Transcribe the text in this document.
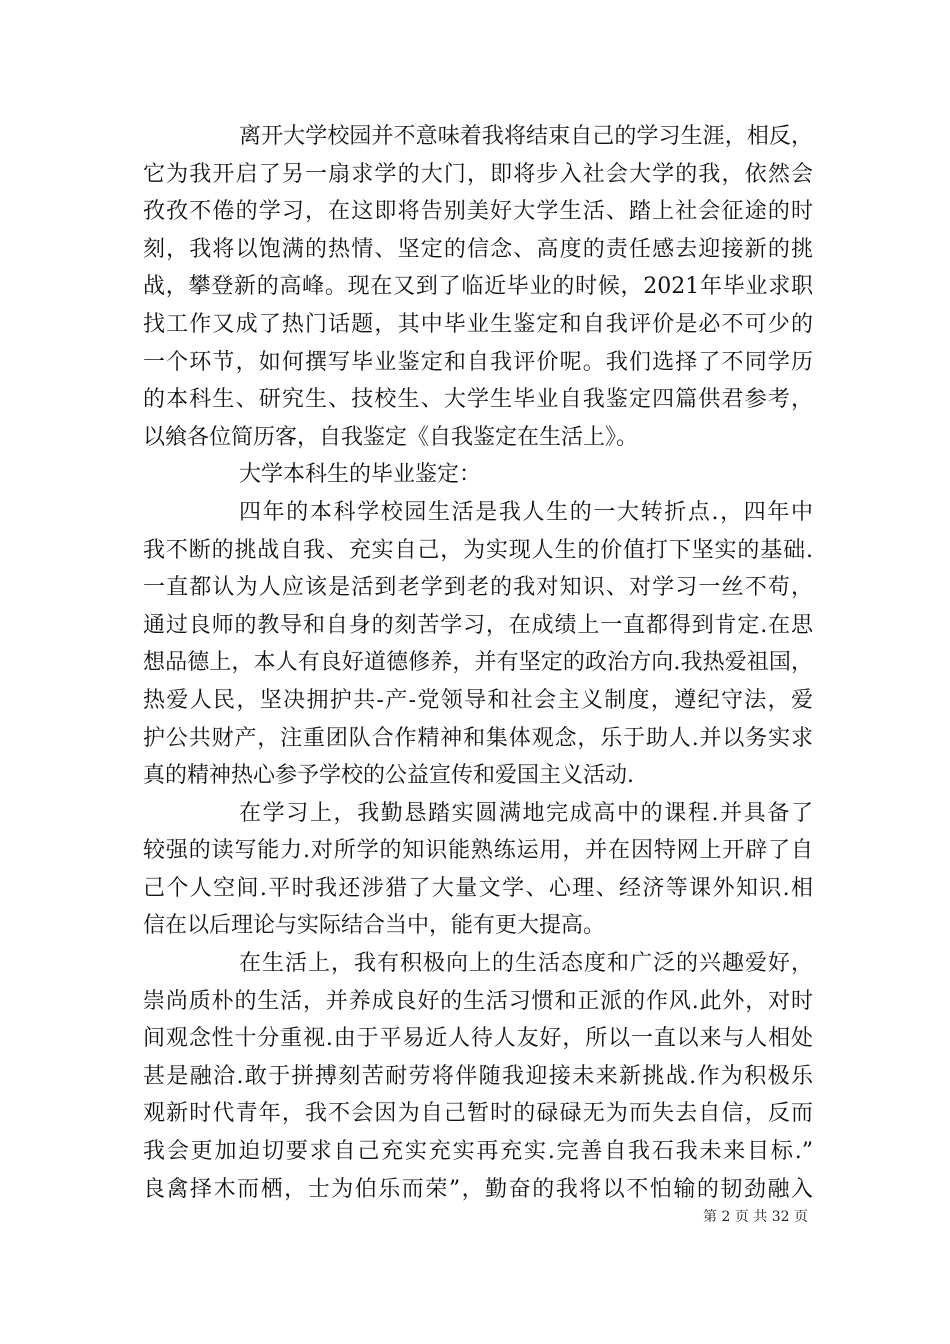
离开大学校园并不意味着我将结束自己的学习生涯，相反，
它为我开启了另一扇求学的大门，即将步入社会大学的我，依然会
孜孜不倦的学习，在这即将告别美好大学生活、踏上社会征途的时
刻，我将以饱满的热情、坚定的信念、高度的责任感去迎接新的挑
战，攀登新的高峰。现在又到了临近毕业的时候，2021年毕业求职
找工作又成了热门话题，其中毕业生鉴定和自我评价是必不可少的
一个环节，如何撰写毕业鉴定和自我评价呢。我们选择了不同学历
的本科生、研究生、技校生、大学生毕业自我鉴定四篇供君参考，
以飨各位简历客，自我鉴定《自我鉴定在生活上》。
大学本科生的毕业鉴定：
四年的本科学校园生活是我人生的一大转折点.，四年中
我不断的挑战自我、充实自己，为实现人生的价值打下坚实的基础.
一直都认为人应该是活到老学到老的我对知识、对学习一丝不苟，
通过良师的教导和自身的刻苦学习，在成绩上一直都得到肯定.在思
想品德上，本人有良好道德修养，并有坚定的政治方向.我热爱祖国，
热爱人民，坚决拥护共-产-党领导和社会主义制度，遵纪守法，爱
护公共财产，注重团队合作精神和集体观念，乐于助人.并以务实求
真的精神热心参予学校的公益宣传和爱国主义活动.
在学习上，我勤恳踏实圆满地完成高中的课程.并具备了
较强的读写能力.对所学的知识能熟练运用，并在因特网上开辟了自
己个人空间.平时我还涉猎了大量文学、心理、经济等课外知识.相
信在以后理论与实际结合当中，能有更大提高。
在生活上，我有积极向上的生活态度和广泛的兴趣爱好，
崇尚质朴的生活，并养成良好的生活习惯和正派的作风.此外，对时
间观念性十分重视.由于平易近人待人友好，所以一直以来与人相处
甚是融洽.敢于拼搏刻苦耐劳将伴随我迎接未来新挑战.作为积极乐
观新时代青年，我不会因为自己暂时的碌碌无为而失去自信，反而
我会更加迫切要求自己充实充实再充实.完善自我石我未来目标.”
良禽择木而栖，士为伯乐而荣”，勤奋的我将以不怕输的韧劲融入
第 2 页 共 32 页
